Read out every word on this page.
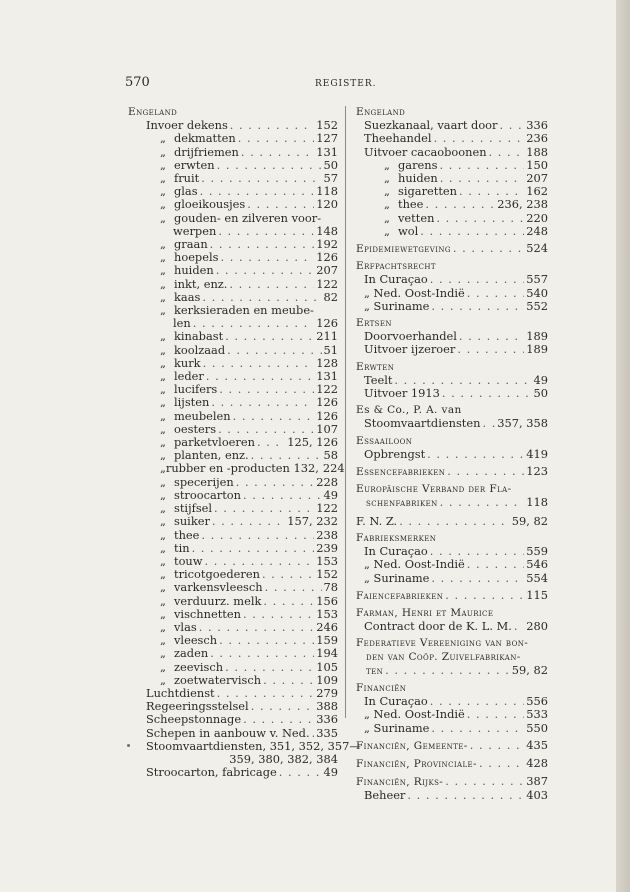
570	REGISTER.

Engeland
Invoer dekens . . .	152
„ dekmatten . . .	127
„ drijfriemen . . .	131
„ erwten . . .	50
„ fruit . . .	57
„ glas . . .	118
„ gloeikousjes . . .	120
„ gouden- en zilveren voor-
werpen . . .	148
„ graan . . .	192
„ hoepels . . .	126
„ huiden . . .	207
„ inkt, enz. . . .	122
„ kaas . . .	82
„ kerksieraden en meube-
len . . .	126
„ kinabast . . .	211
„ koolzaad . . .	51
„ kurk . . .	128
„ leder . . .	131
„ lucifers . . .	122
„ lijsten . . .	126
„ meubelen . . .	126
„ oesters . . .	107
„ parketvloeren . . .	125, 126
„ planten, enz. . . .	58
„ rubber en -producten 132, 224
„ specerijen . . .	228
„ stroocarton . . .	49
„ stijfsel . . .	122
„ suiker . . .	157, 232
„ thee . . .	238
„ tin . . .	239
„ touw . . .	153
„ tricotgoederen . . .	152
„ varkensvleesch . . .	78
„ verduurz. melk . . .	156
„ vischnetten . . .	153
„ vlas . . .	246
„ vleesch . . .	159
„ zaden . . .	194
„ zeevisch . . .	105
„ zoetwatervisch . . .	109
Luchtdienst . . .	279
Regeeringsstelsel . . .	388
Scheepstonnage . . .	336
Schepen in aanbouw v. Ned. . . . 335
Stoomvaartdiensten, 351, 352, 357—
359, 380, 382, 384
Stroocarton, fabricage . . .	49
Engeland
Suezkanaal, vaart door . . .	336
Theehandel . . .	236
Uitvoer cacaoboonen . . .	188
„ garens . . .	150
„ huiden . . .	207
„ sigaretten . . .	162
„ thee . . .	236, 238
„ vetten . . .	220
„ wol . . .	248
Epidemiewetgeving . . .	524
Erfpachtsrecht
In Curaçao . . .	557
„ Ned. Oost-Indië . . .	540
„ Suriname . . .	552
Ertsen
Doorvoerhandel . . .	189
Uitvoer ijzeroer . . .	189
Erwten
Teelt . . .	49
Uitvoer 1913 . . .	50
Es & Co., P. A. van
Stoomvaartdiensten . . . 357, 358
Essaailoon
Opbrengst . . .	419
Essencefabrieken . . .	123
Europäische Verband der Fla-
schenfabriken . . .	118
F. N. Z. . . .	59, 82
Fabrieksmerken
In Curaçao . . .	559
„ Ned. Oost-Indië . . .	546
„ Suriname . . .	554
Faiencefabrieken . . .	115
Farman, Henri et Maurice
Contract door de K. L. M. . . . 280
Federatieve Vereeniging van bon-
den van Coöp. Zuivelfabrikan-
ten . . .	59, 82
Financiën
In Curaçao . . .	556
„ Ned. Oost-Indië . . .	533
„ Suriname . . .	550
Financiën, Gemeente- . . .	435
Financiën, Provinciale- . . .	428
Financiën, Rijks- . . .	387
Beheer . . .	403
